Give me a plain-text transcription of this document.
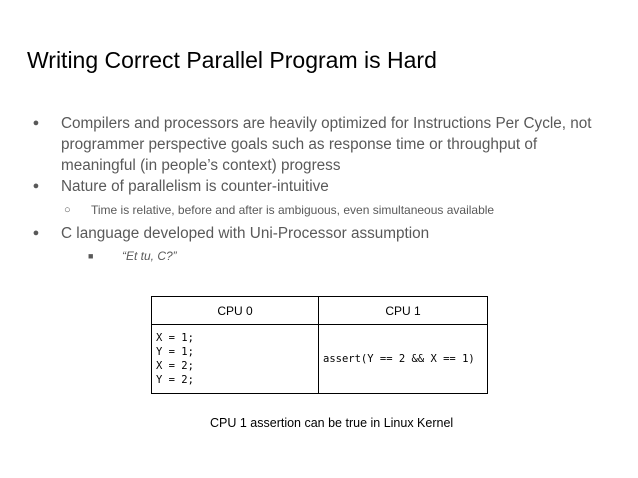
Writing Correct Parallel Program is Hard
● Compilers and processors are heavily optimized for Instructions Per Cycle, not programmer perspective goals such as response time or throughput of meaningful (in people’s context) progress
● Nature of parallelism is counter-intuitive
○ Time is relative, before and after is ambiguous, even simultaneous available
● C language developed with Uni-Processor assumption
■ “Et tu, C?”
CPU 0	CPU 1

X = 1;
Y = 1;
X = 2;
Y = 2;	assert(Y == 2 && X == 1)
CPU 1 assertion can be true in Linux Kernel
